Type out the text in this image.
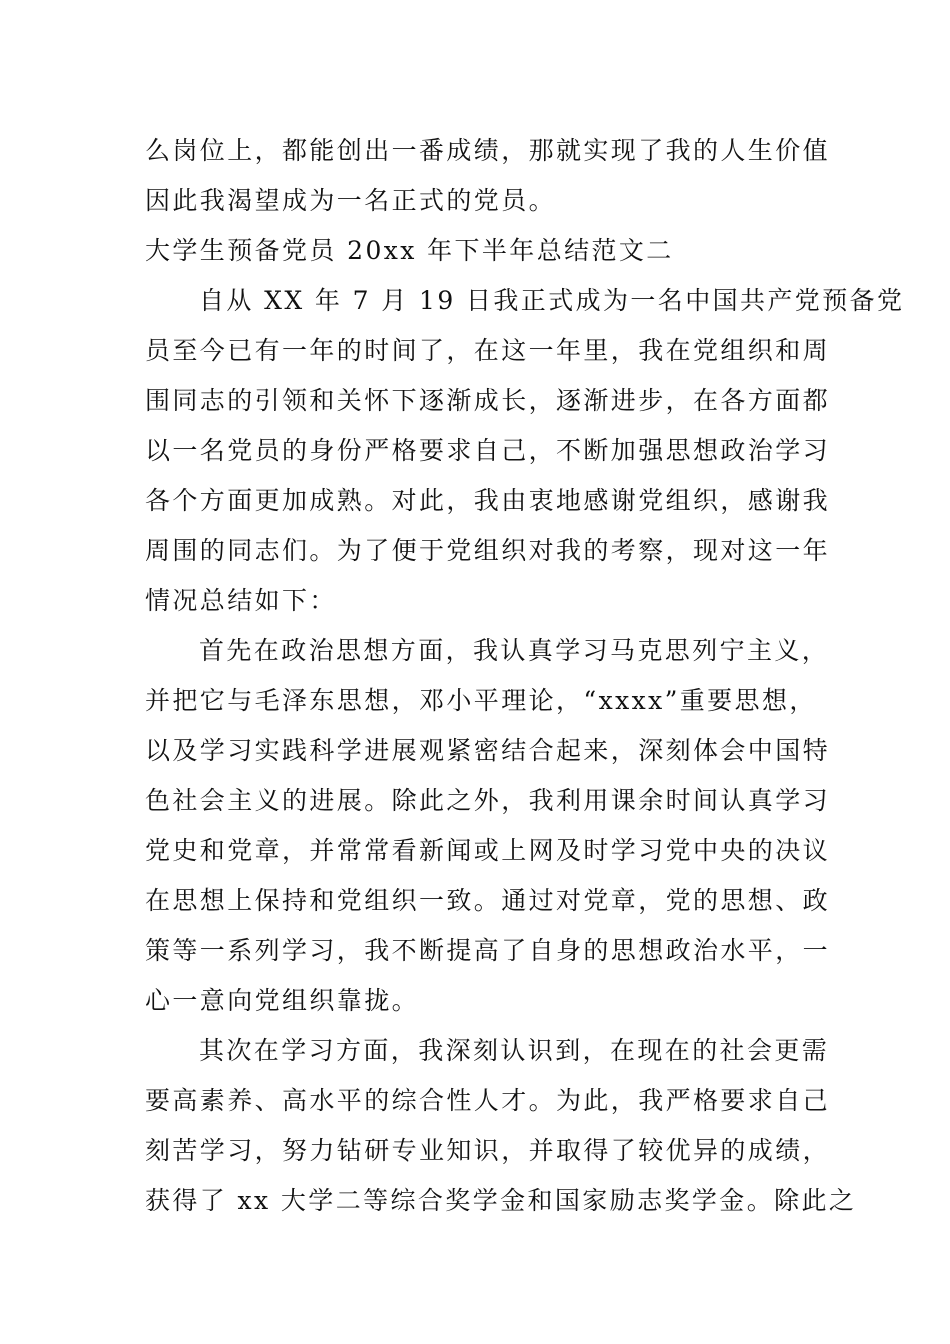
么岗位上，都能创出一番成绩，那就实现了我的人生价值
因此我渴望成为一名正式的党员。
大学生预备党员 20xx 年下半年总结范文二
自从 XX 年 7 月 19 日我正式成为一名中国共产党预备党
员至今已有一年的时间了，在这一年里，我在党组织和周
围同志的引领和关怀下逐渐成长，逐渐进步，在各方面都
以一名党员的身份严格要求自己，不断加强思想政治学习
各个方面更加成熟。对此，我由衷地感谢党组织，感谢我
周围的同志们。为了便于党组织对我的考察，现对这一年
情况总结如下：
首先在政治思想方面，我认真学习马克思列宁主义，
并把它与毛泽东思想，邓小平理论，“xxxx”重要思想，
以及学习实践科学进展观紧密结合起来，深刻体会中国特
色社会主义的进展。除此之外，我利用课余时间认真学习
党史和党章，并常常看新闻或上网及时学习党中央的决议
在思想上保持和党组织一致。通过对党章，党的思想、政
策等一系列学习，我不断提高了自身的思想政治水平，一
心一意向党组织靠拢。
其次在学习方面，我深刻认识到，在现在的社会更需
要高素养、高水平的综合性人才。为此，我严格要求自己
刻苦学习，努力钻研专业知识，并取得了较优异的成绩，
获得了 xx 大学二等综合奖学金和国家励志奖学金。除此之
